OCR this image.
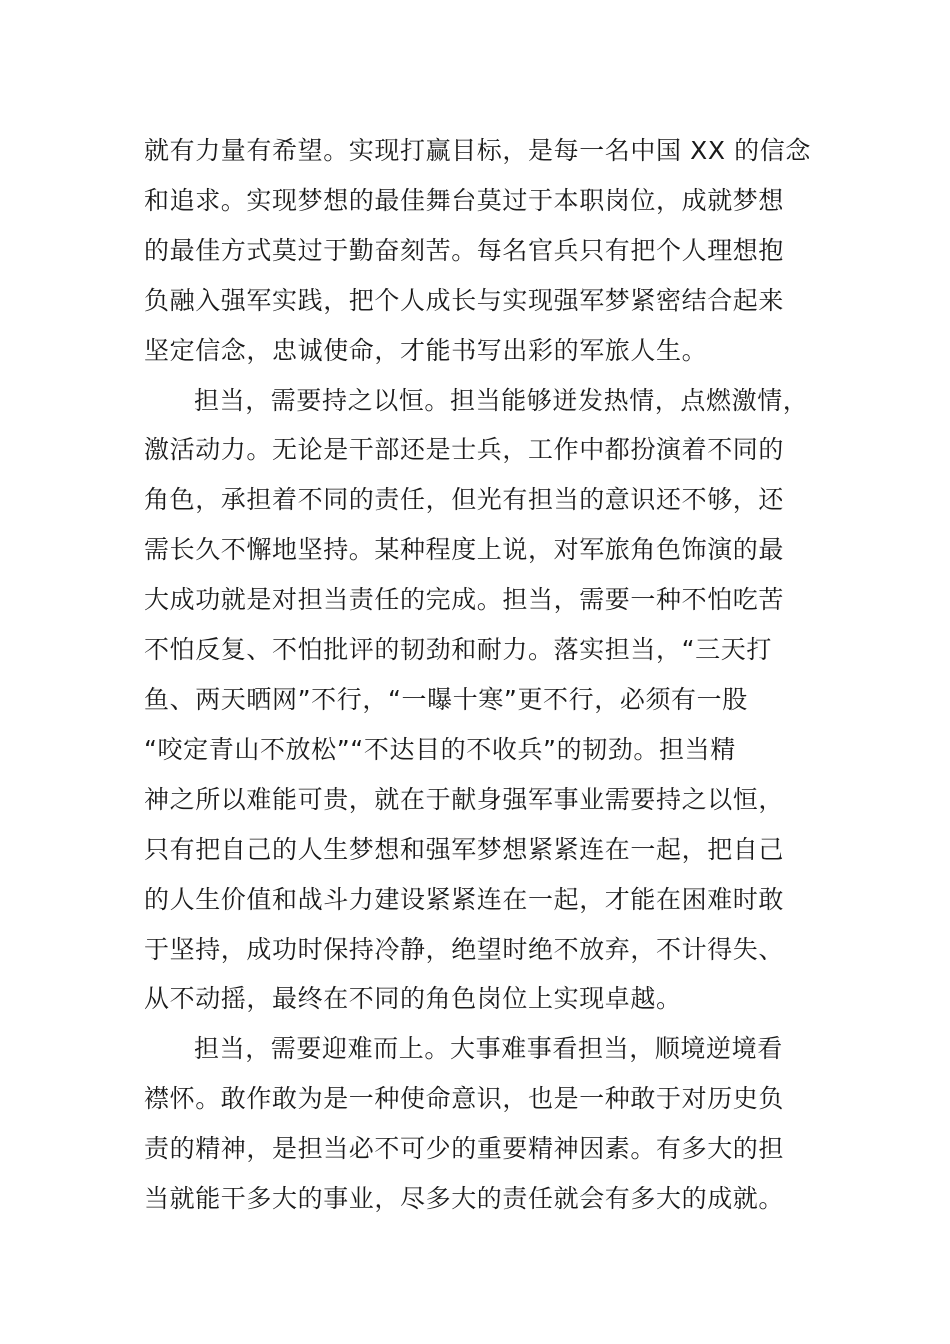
就有力量有希望。实现打赢目标，是每一名中国 XX 的信念
和追求。实现梦想的最佳舞台莫过于本职岗位，成就梦想
的最佳方式莫过于勤奋刻苦。每名官兵只有把个人理想抱
负融入强军实践，把个人成长与实现强军梦紧密结合起来
坚定信念，忠诚使命，才能书写出彩的军旅人生。
担当，需要持之以恒。担当能够迸发热情，点燃激情，
激活动力。无论是干部还是士兵，工作中都扮演着不同的
角色，承担着不同的责任，但光有担当的意识还不够，还
需长久不懈地坚持。某种程度上说，对军旅角色饰演的最
大成功就是对担当责任的完成。担当，需要一种不怕吃苦
不怕反复、不怕批评的韧劲和耐力。落实担当，“三天打
鱼、两天晒网”不行，“一曝十寒”更不行，必须有一股
“咬定青山不放松”“不达目的不收兵”的韧劲。担当精
神之所以难能可贵，就在于献身强军事业需要持之以恒，
只有把自己的人生梦想和强军梦想紧紧连在一起，把自己
的人生价值和战斗力建设紧紧连在一起，才能在困难时敢
于坚持，成功时保持冷静，绝望时绝不放弃，不计得失、
从不动摇，最终在不同的角色岗位上实现卓越。
担当，需要迎难而上。大事难事看担当，顺境逆境看
襟怀。敢作敢为是一种使命意识，也是一种敢于对历史负
责的精神，是担当必不可少的重要精神因素。有多大的担
当就能干多大的事业，尽多大的责任就会有多大的成就。
